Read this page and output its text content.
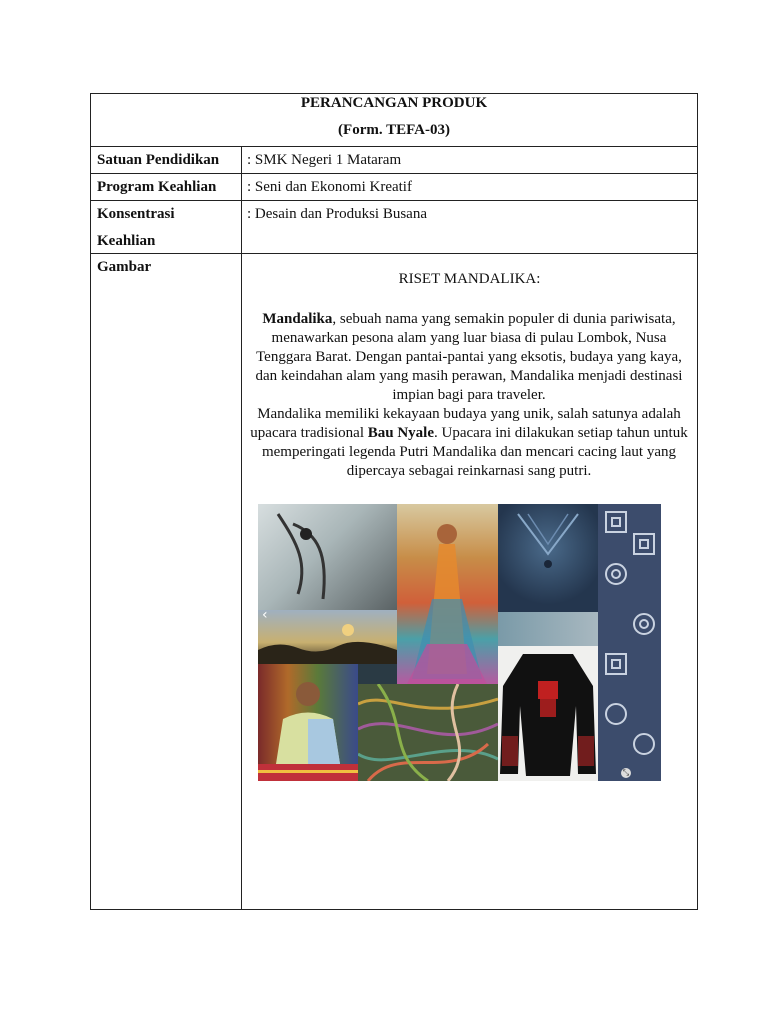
PERANCANGAN PRODUK
(Form. TEFA-03)
Satuan Pendidikan : SMK Negeri 1 Mataram
Program Keahlian : Seni dan Ekonomi Kreatif
Konsentrasi
Keahlian
: Desain dan Produksi Busana
Gambar
RISET MANDALIKA:
Mandalika, sebuah nama yang semakin populer di dunia pariwisata, menawarkan pesona alam yang luar biasa di pulau Lombok, Nusa Tenggara Barat. Dengan pantai-pantai yang eksotis, budaya yang kaya, dan keindahan alam yang masih perawan, Mandalika menjadi destinasi impian bagi para traveler.
Mandalika memiliki kekayaan budaya yang unik, salah satunya adalah upacara tradisional Bau Nyale. Upacara ini dilakukan setiap tahun untuk memperingati legenda Putri Mandalika dan mencari cacing laut yang dipercaya sebagai reinkarnasi sang putri.
‹
⤡
